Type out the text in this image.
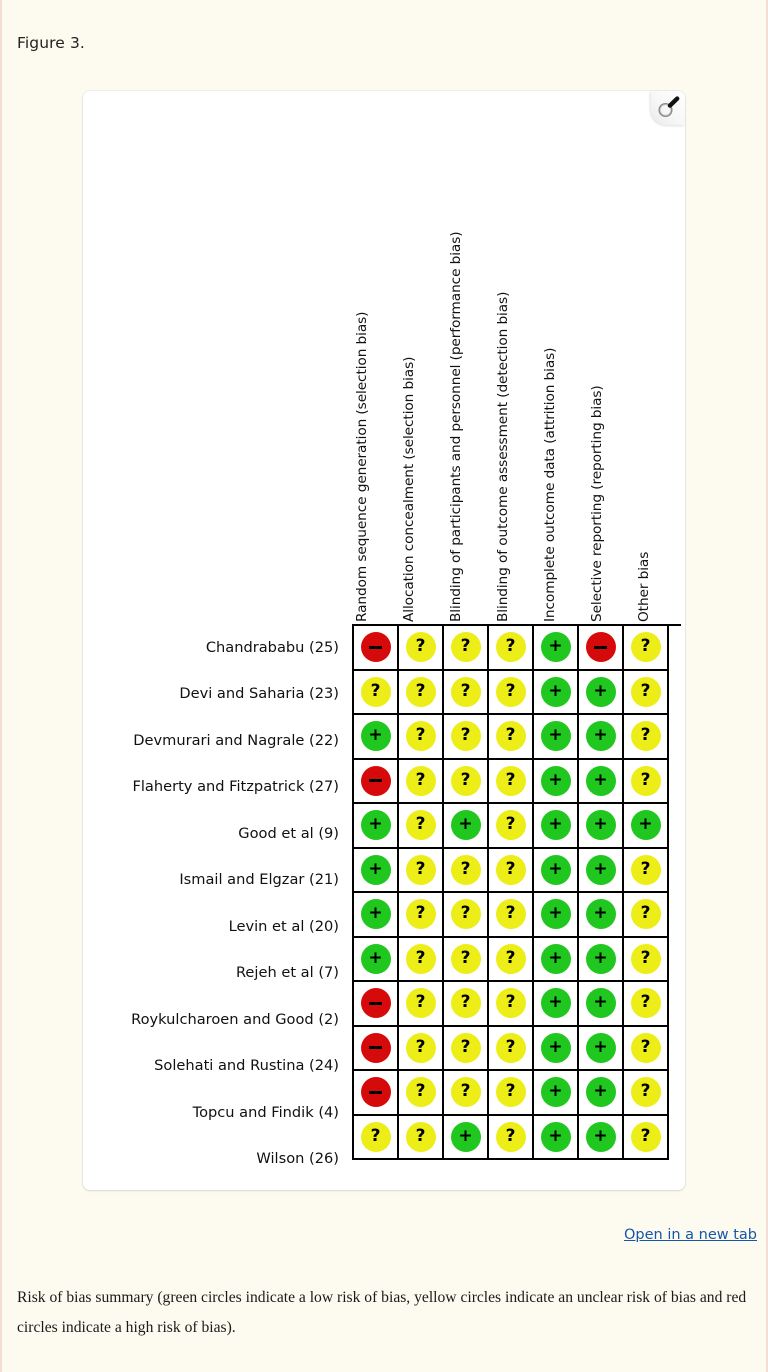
Figure 3.
Random sequence generation (selection bias) Allocation concealment (selection bias) Blinding of participants and personnel (performance bias) Blinding of outcome assessment (detection bias) Incomplete outcome data (attrition bias) Selective reporting (reporting bias) Other bias
Chandrababu (25)
Devi and Saharia (23)
Devmurari and Nagrale (22)
Flaherty and Fitzpatrick (27)
Good et al (9)
Ismail and Elgzar (21)
Levin et al (20)
Rejeh et al (7)
Roykulcharoen and Good (2)
Solehati and Rustina (24)
Topcu and Findik (4)
Wilson (26)
? ? ? +	?
? ? ? ? + + ?
+ ? ? ? + + ?
? ? ? + + ?
+ ? + ? + + +
+ ? ? ? + + ?
+ ? ? ? + + ?
+ ? ? ? + + ?
? ? ? + + ?
? ? ? + + ?
? ? ? + + ?
? ? + ? + + ?
Open in a new tab
Risk of bias summary (green circles indicate a low risk of bias, yellow circles indicate an unclear risk of bias and red circles indicate a high risk of bias).
